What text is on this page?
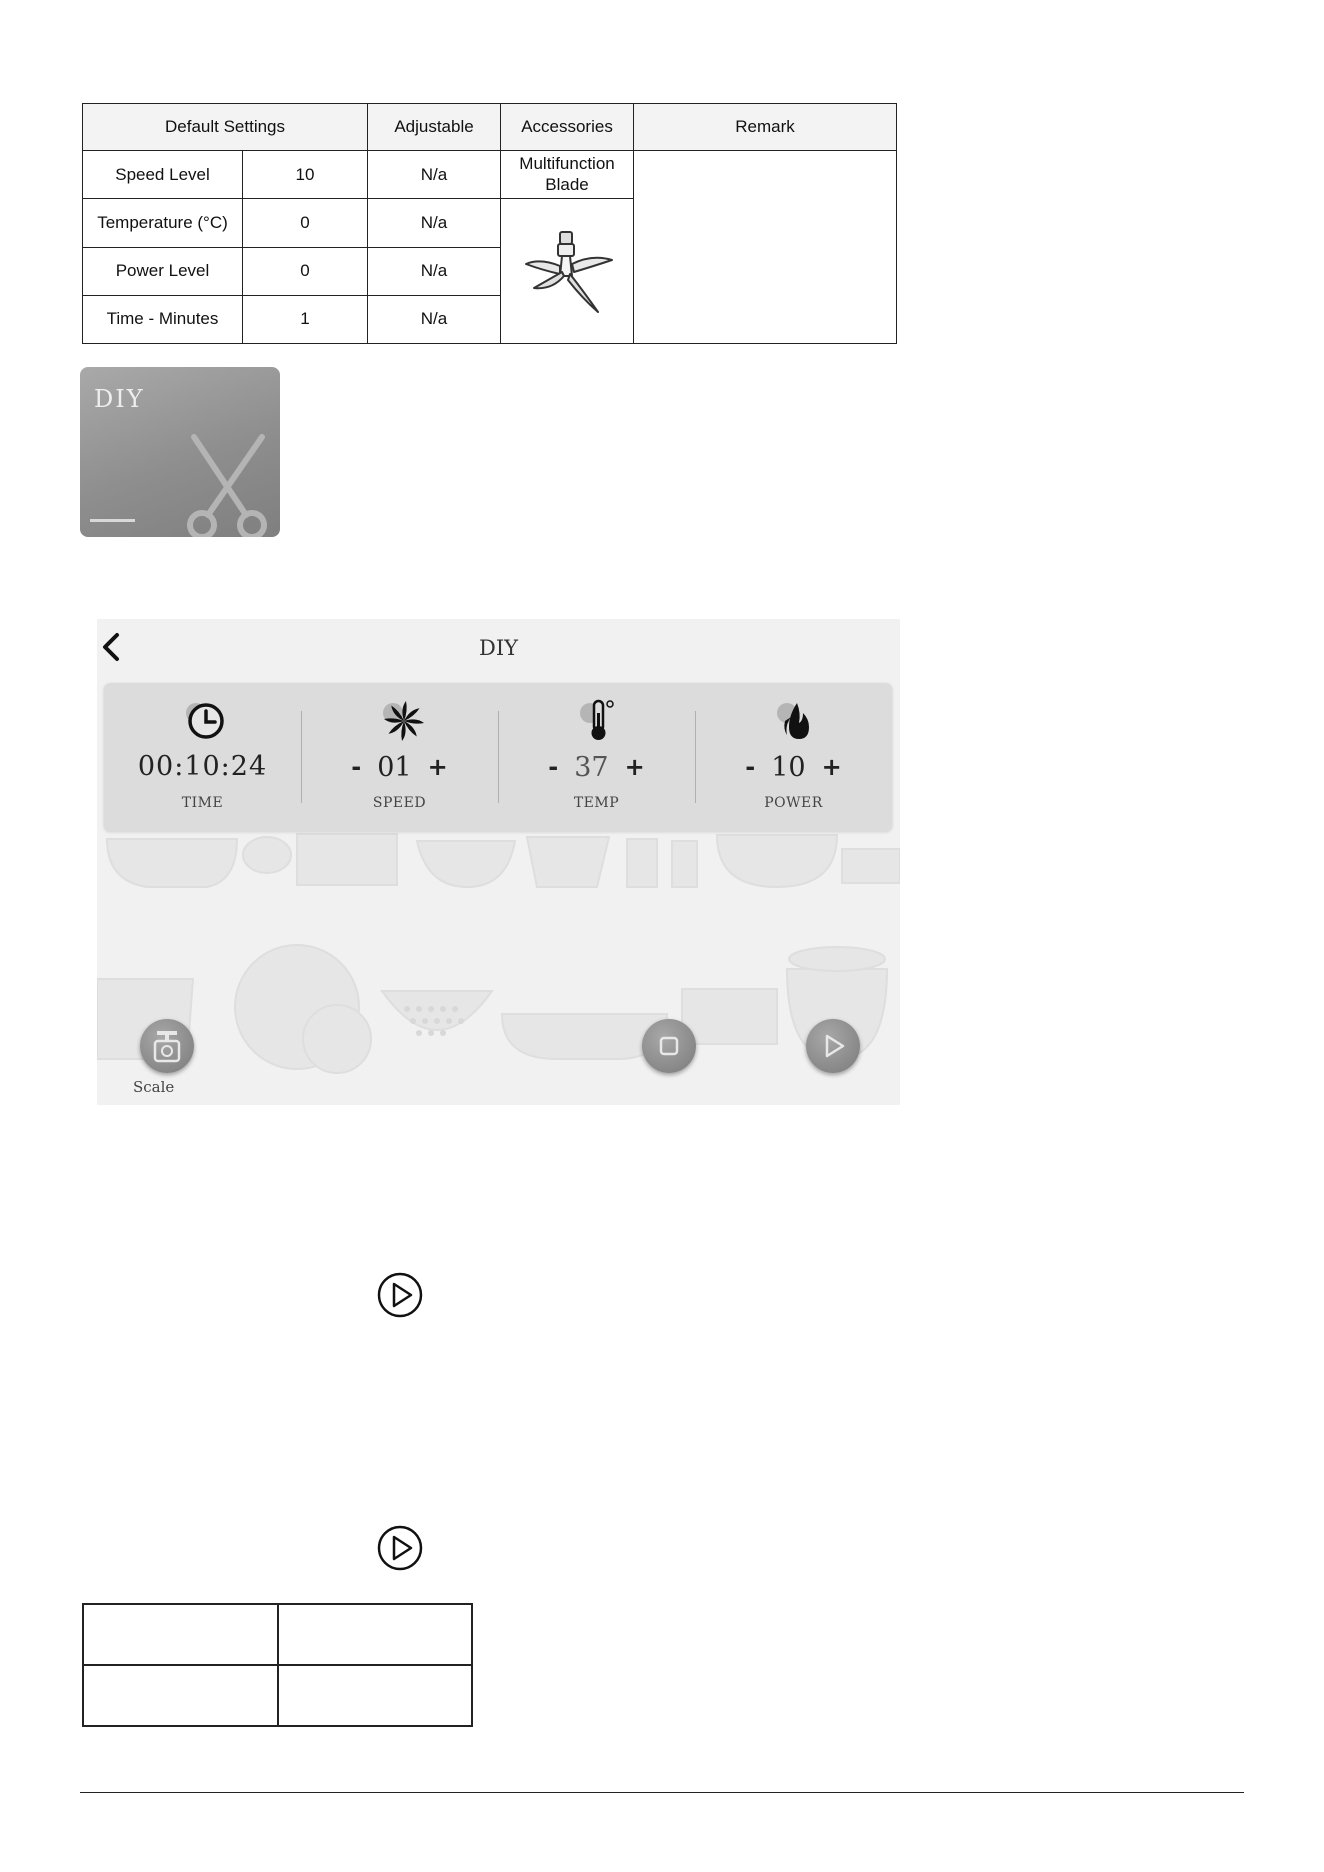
Default Settings		Adjustable	Accessories	Remark
Speed Level	10	N/a	Multifunction Blade	
Temperature (°C)	0	N/a	

Power Level	0	N/a		
Time - Minutes	1	N/a		
DIY
DIY
00:10:24
TIME
- 01 +
SPEED
- 37 +
TEMP
- 10 +
POWER
Scale
